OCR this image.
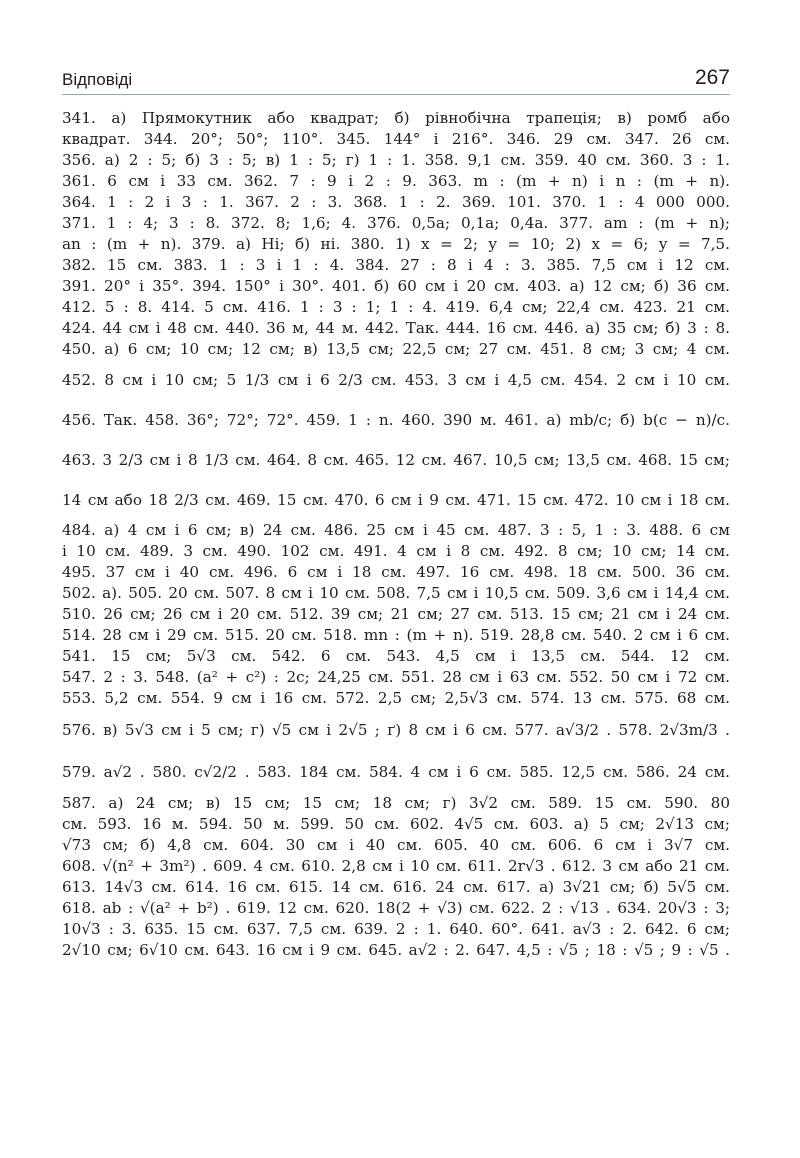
Відповіді	267
341. а) Прямокутник або квадрат; б) рівнобічна трапеція; в) ромб або
квадрат. 344. 20°; 50°; 110°. 345. 144° і 216°. 346. 29 см. 347. 26 см.
356. а) 2 : 5; б) 3 : 5; в) 1 : 5; г) 1 : 1. 358. 9,1 см. 359. 40 см. 360. 3 : 1.
361. 6 см і 33 см. 362. 7 : 9 і 2 : 9. 363. m : (m + n) і n : (m + n).
364. 1 : 2 і 3 : 1. 367. 2 : 3. 368. 1 : 2. 369. 101. 370. 1 : 4 000 000.
371. 1 : 4; 3 : 8. 372. 8; 1,6; 4. 376. 0,5a; 0,1a; 0,4a. 377. am : (m + n);
an : (m + n). 379. а) Ні; б) ні. 380. 1) x = 2; y = 10; 2) x = 6; y = 7,5.
382. 15 см. 383. 1 : 3 і 1 : 4. 384. 27 : 8 і 4 : 3. 385. 7,5 см і 12 см.
391. 20° і 35°. 394. 150° і 30°. 401. б) 60 см і 20 см. 403. а) 12 см; б) 36 см.
412. 5 : 8. 414. 5 см. 416. 1 : 3 : 1; 1 : 4. 419. 6,4 см; 22,4 см. 423. 21 см.
424. 44 см і 48 см. 440. 36 м, 44 м. 442. Так. 444. 16 см. 446. а) 35 см; б) 3 : 8.
450. а) 6 см; 10 см; 12 см; в) 13,5 см; 22,5 см; 27 см. 451. 8 см; 3 см; 4 см.
452. 8 см і 10 см; 5 1/3 см і 6 2/3 см. 453. 3 см і 4,5 см. 454. 2 см і 10 см.
456. Так. 458. 36°; 72°; 72°. 459. 1 : n. 460. 390 м. 461. а) mb/c; б) b(c − n)/c.
463. 3 2/3 см і 8 1/3 см. 464. 8 см. 465. 12 см. 467. 10,5 см; 13,5 см. 468. 15 см;
14 см або 18 2/3 см. 469. 15 см. 470. 6 см і 9 см. 471. 15 см. 472. 10 см і 18 см.
484. а) 4 см і 6 см; в) 24 см. 486. 25 см і 45 см. 487. 3 : 5, 1 : 3. 488. 6 см
і 10 см. 489. 3 см. 490. 102 см. 491. 4 см і 8 см. 492. 8 см; 10 см; 14 см.
495. 37 см і 40 см. 496. 6 см і 18 см. 497. 16 см. 498. 18 см. 500. 36 см.
502. а). 505. 20 см. 507. 8 см і 10 см. 508. 7,5 см і 10,5 см. 509. 3,6 см і 14,4 см.
510. 26 см; 26 см і 20 см. 512. 39 см; 21 см; 27 см. 513. 15 см; 21 см і 24 см.
514. 28 см і 29 см. 515. 20 см. 518. mn : (m + n). 519. 28,8 см. 540. 2 см і 6 см.
541. 15 см; 5√3 см. 542. 6 см. 543. 4,5 см і 13,5 см. 544. 12 см.
547. 2 : 3. 548. (a² + c²) : 2c; 24,25 см. 551. 28 см і 63 см. 552. 50 см і 72 см.
553. 5,2 см. 554. 9 см і 16 см. 572. 2,5 см; 2,5√3 см. 574. 13 см. 575. 68 см.
576. в) 5√3 см і 5 см; г) √5 см і 2√5 ; ґ) 8 см і 6 см. 577. a√3/2 . 578. 2√3m/3 .
579. a√2 . 580. c√2/2 . 583. 184 см. 584. 4 см і 6 см. 585. 12,5 см. 586. 24 см.
587. а) 24 см; в) 15 см; 15 см; 18 см; г) 3√2 см. 589. 15 см. 590. 80
см. 593. 16 м. 594. 50 м. 599. 50 см. 602. 4√5 см. 603. а) 5 см; 2√13 см;
√73 см; б) 4,8 см. 604. 30 см і 40 см. 605. 40 см. 606. 6 см і 3√7 см.
608. √(n² + 3m²) . 609. 4 см. 610. 2,8 см і 10 см. 611. 2r√3 . 612. 3 см або 21 см.
613. 14√3 см. 614. 16 см. 615. 14 см. 616. 24 см. 617. а) 3√21 см; б) 5√5 см.
618. ab : √(a² + b²) . 619. 12 см. 620. 18(2 + √3) см. 622. 2 : √13 . 634. 20√3 : 3;
10√3 : 3. 635. 15 см. 637. 7,5 см. 639. 2 : 1. 640. 60°. 641. a√3 : 2. 642. 6 см;
2√10 см; 6√10 см. 643. 16 см і 9 см. 645. a√2 : 2. 647. 4,5 : √5 ; 18 : √5 ; 9 : √5 .
